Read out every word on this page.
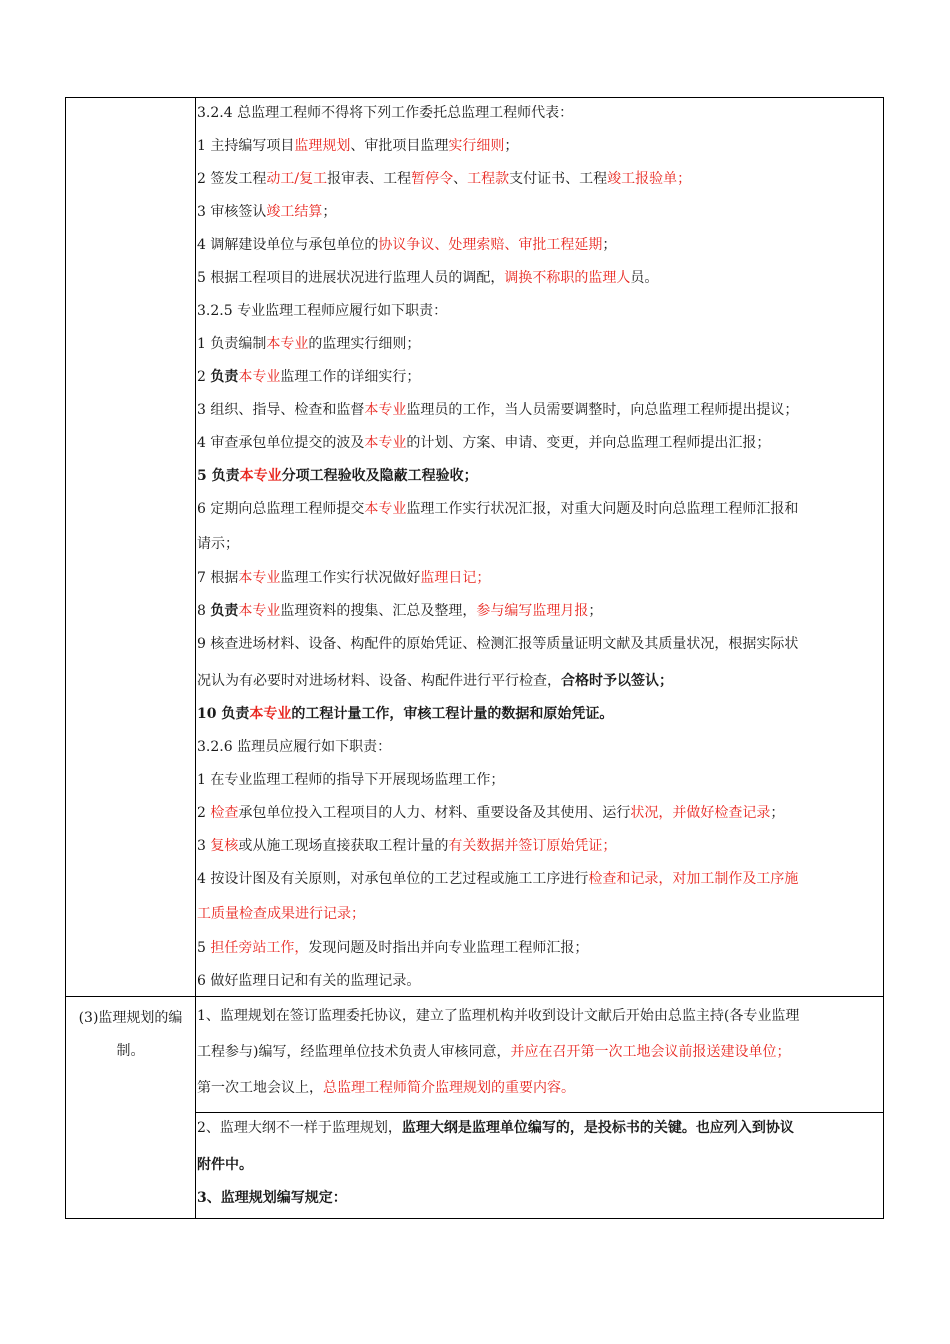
(3)监理规划的编
制。
3.2.4 总监理工程师不得将下列工作委托总监理工程师代表：
1 主持编写项目监理规划、审批项目监理实行细则；
2 签发工程动工/复工报审表、工程暂停令、工程款支付证书、工程竣工报验单；
3 审核签认竣工结算；
4 调解建设单位与承包单位的协议争议、处理索赔、审批工程延期；
5 根据工程项目的进展状况进行监理人员的调配，调换不称职的监理人员。
3.2.5 专业监理工程师应履行如下职责：
1 负责编制本专业的监理实行细则；
2 负责本专业监理工作的详细实行；
3 组织、指导、检查和监督本专业监理员的工作，当人员需要调整时，向总监理工程师提出提议；
4 审查承包单位提交的波及本专业的计划、方案、申请、变更，并向总监理工程师提出汇报；
5 负责本专业分项工程验收及隐蔽工程验收；
6 定期向总监理工程师提交本专业监理工作实行状况汇报，对重大问题及时向总监理工程师汇报和
请示；
7 根据本专业监理工作实行状况做好监理日记；
8 负责本专业监理资料的搜集、汇总及整理，参与编写监理月报；
9 核查进场材料、设备、构配件的原始凭证、检测汇报等质量证明文献及其质量状况，根据实际状
况认为有必要时对进场材料、设备、构配件进行平行检查，合格时予以签认；
10 负责本专业的工程计量工作，审核工程计量的数据和原始凭证。
3.2.6 监理员应履行如下职责：
1 在专业监理工程师的指导下开展现场监理工作；
2 检查承包单位投入工程项目的人力、材料、重要设备及其使用、运行状况，并做好检查记录；
3 复核或从施工现场直接获取工程计量的有关数据并签订原始凭证；
4 按设计图及有关原则，对承包单位的工艺过程或施工工序进行检查和记录，对加工制作及工序施
工质量检查成果进行记录；
5 担任旁站工作，发现问题及时指出并向专业监理工程师汇报；
6 做好监理日记和有关的监理记录。
1、监理规划在签订监理委托协议，建立了监理机构并收到设计文献后开始由总监主持(各专业监理
工程参与)编写，经监理单位技术负责人审核同意，并应在召开第一次工地会议前报送建设单位；
第一次工地会议上，总监理工程师简介监理规划的重要内容。
2、监理大纲不一样于监理规划，监理大纲是监理单位编写的，是投标书的关键。也应列入到协议
附件中。
3、监理规划编写规定：
